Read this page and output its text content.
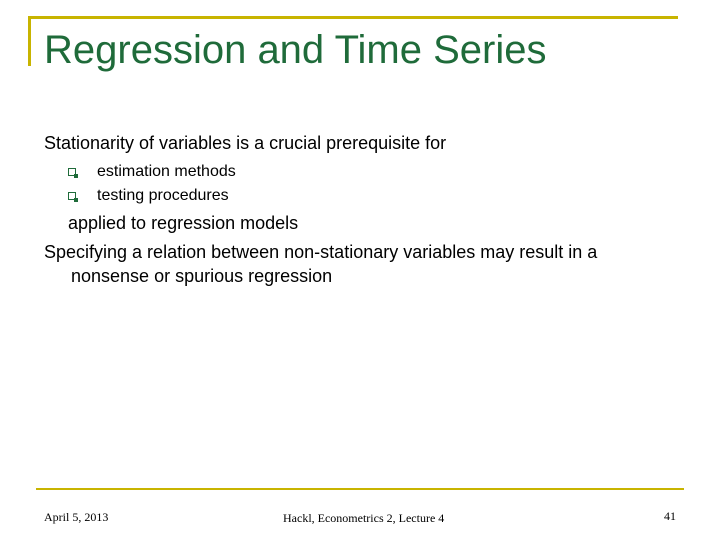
Regression and Time Series
Stationarity of variables is a crucial prerequisite for
estimation methods
testing procedures
applied to regression models
Specifying a relation between non-stationary variables may result in a
nonsense or spurious regression
April 5, 2013	Hackl, Econometrics 2, Lecture 4	41
